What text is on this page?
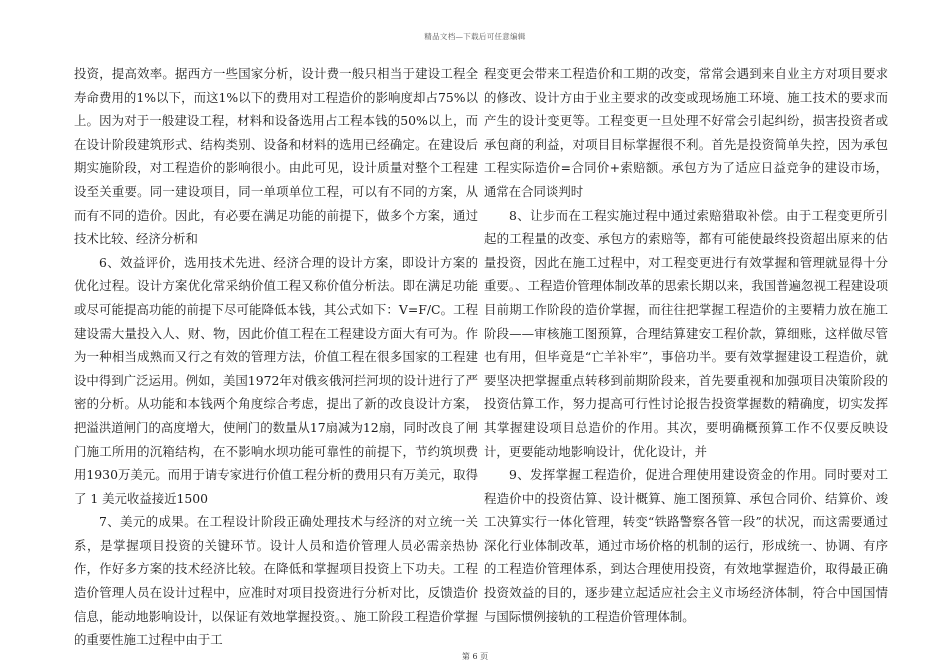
精品文档—下载后可任意编辑

投资，提高效率。据西方一些国家分析，设计费一般只相当于建设工程全寿命费用的1%以下，而这1%以下的费用对工程造价的影响度却占75%以上。因为对于一般建设工程，材料和设备选用占工程本钱的50%以上，而在设计阶段建筑形式、结构类别、设备和材料的选用已经确定。在建设后期实施阶段，对工程造价的影响很小。由此可见，设计质量对整个工程建设至关重要。同一建设项目，同一单项单位工程，可以有不同的方案，从而有不同的造价。因此，有必要在满足功能的前提下，做多个方案，通过技术比较、经济分析和

6、效益评价，选用技术先进、经济合理的设计方案，即设计方案的优化过程。设计方案优化常采纳价值工程又称价值分析法。即在满足功能或尽可能提高功能的前提下尽可能降低本钱，其公式如下：V=F/C。工程建设需大量投入人、财、物，因此价值工程在工程建设方面大有可为。作为一种相当成熟而又行之有效的管理方法，价值工程在很多国家的工程建设中得到广泛运用。例如，美国1972年对俄亥俄河拦河坝的设计进行了严密的分析。从功能和本钱两个角度综合考虑，提出了新的改良设计方案，把溢洪道闸门的高度增大，使闸门的数量从17扇减为12扇，同时改良了闸门施工所用的沉箱结构，在不影响水坝功能可靠性的前提下，节约筑坝费用1930万美元。而用于请专家进行价值工程分析的费用只有万美元，取得了 1 美元收益接近1500

7、美元的成果。在工程设计阶段正确处理技术与经济的对立统一关系，是掌握项目投资的关键环节。设计人员和造价管理人员必需亲热协作，作好多方案的技术经济比较。在降低和掌握项目投资上下功夫。工程造价管理人员在设计过程中，应准时对项目投资进行分析对比，反馈造价信息，能动地影响设计，以保证有效地掌握投资。、施工阶段工程造价掌握的重要性施工过程中由于工

程变更会带来工程造价和工期的改变，常常会遇到来自业主方对项目要求的修改、设计方由于业主要求的改变或现场施工环境、施工技术的要求而产生的设计变更等。工程变更一旦处理不好常会引起纠纷，损害投资者或承包商的利益，对项目目标掌握很不利。首先是投资简单失控，因为承包工程实际造价=合同价+索赔额。承包方为了适应日益竞争的建设市场，通常在合同谈判时

8、让步而在工程实施过程中通过索赔猎取补偿。由于工程变更所引起的工程量的改变、承包方的索赔等，都有可能使最终投资超出原来的估量投资，因此在施工过程中，对工程变更进行有效掌握和管理就显得十分重要。、工程造价管理体制改革的思索长期以来，我国普遍忽视工程建设项目前期工作阶段的造价掌握，而往往把掌握工程造价的主要精力放在施工阶段——审核施工图预算，合理结算建安工程价款，算细账，这样做尽管也有用，但毕竟是“亡羊补牢”，事倍功半。要有效掌握建设工程造价，就要坚决把掌握重点转移到前期阶段来，首先要重视和加强项目决策阶段的投资估算工作，努力提高可行性讨论报告投资掌握数的精确度，切实发挥其掌握建设项目总造价的作用。其次，要明确概预算工作不仅要反映设计，更要能动地影响设计，优化设计，并

9、发挥掌握工程造价，促进合理使用建设资金的作用。同时要对工程造价中的投资估算、设计概算、施工图预算、承包合同价、结算价、竣工决算实行一体化管理，转变“铁路警察各管一段”的状况，而这需要通过深化行业体制改革，通过市场价格的机制的运行，形成统一、协调、有序的工程造价管理体系，到达合理使用投资，有效地掌握造价，取得最正确投资效益的目的，逐步建立起适应社会主义市场经济体制，符合中国国情与国际惯例接轨的工程造价管理体制。

第 6 页
